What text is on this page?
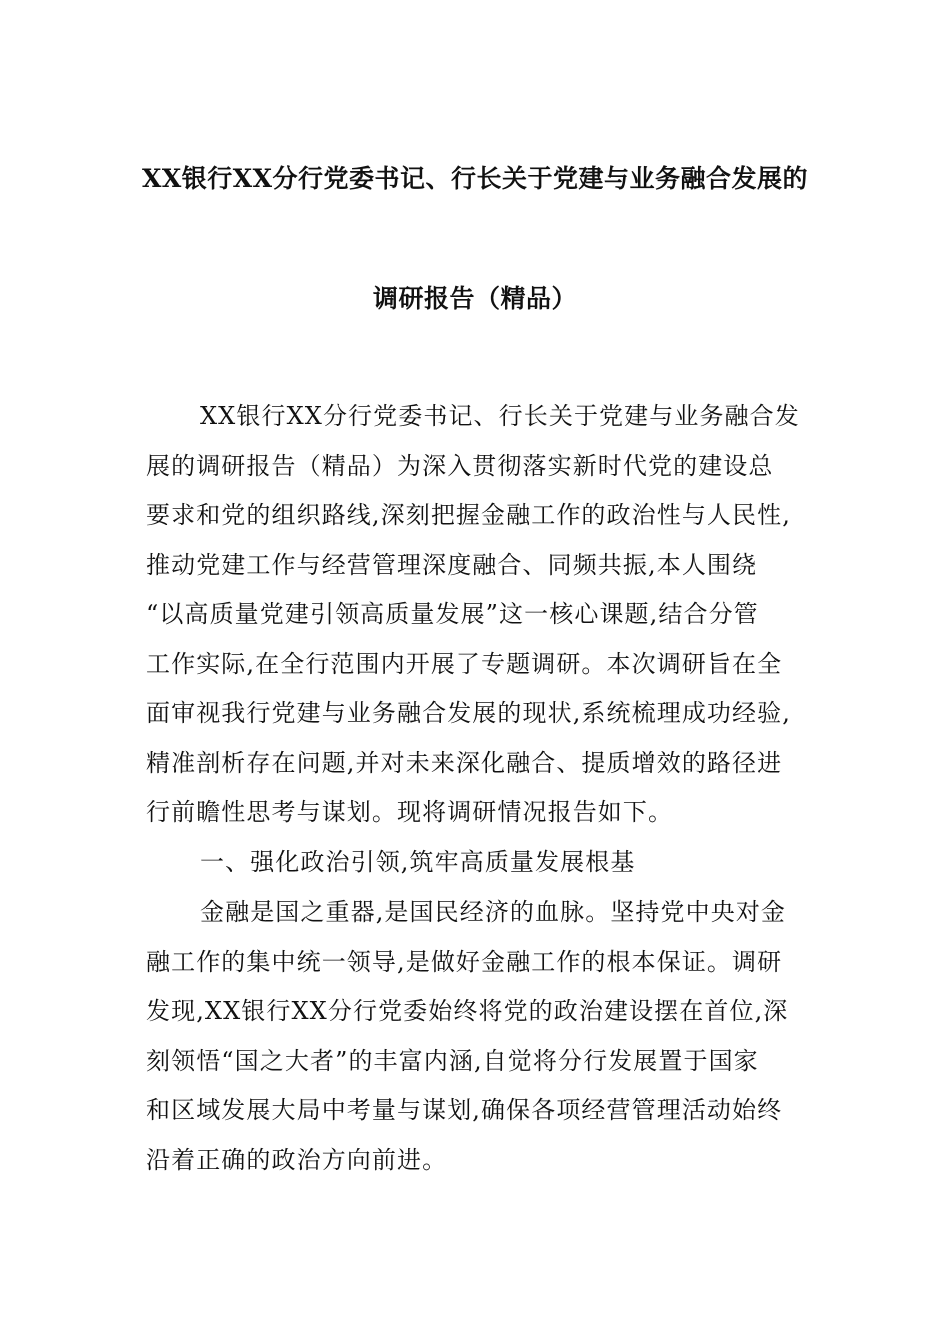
XX银行XX分行党委书记、行长关于党建与业务融合发展的
调研报告（精品）
XX银行XX分行党委书记、行长关于党建与业务融合发
展的调研报告（精品）为深入贯彻落实新时代党的建设总
要求和党的组织路线,深刻把握金融工作的政治性与人民性,
推动党建工作与经营管理深度融合、同频共振,本人围绕
“以高质量党建引领高质量发展”这一核心课题,结合分管
工作实际,在全行范围内开展了专题调研。本次调研旨在全
面审视我行党建与业务融合发展的现状,系统梳理成功经验,
精准剖析存在问题,并对未来深化融合、提质增效的路径进
行前瞻性思考与谋划。现将调研情况报告如下。
一、强化政治引领,筑牢高质量发展根基
金融是国之重器,是国民经济的血脉。坚持党中央对金
融工作的集中统一领导,是做好金融工作的根本保证。调研
发现,XX银行XX分行党委始终将党的政治建设摆在首位,深
刻领悟“国之大者”的丰富内涵,自觉将分行发展置于国家
和区域发展大局中考量与谋划,确保各项经营管理活动始终
沿着正确的政治方向前进。
